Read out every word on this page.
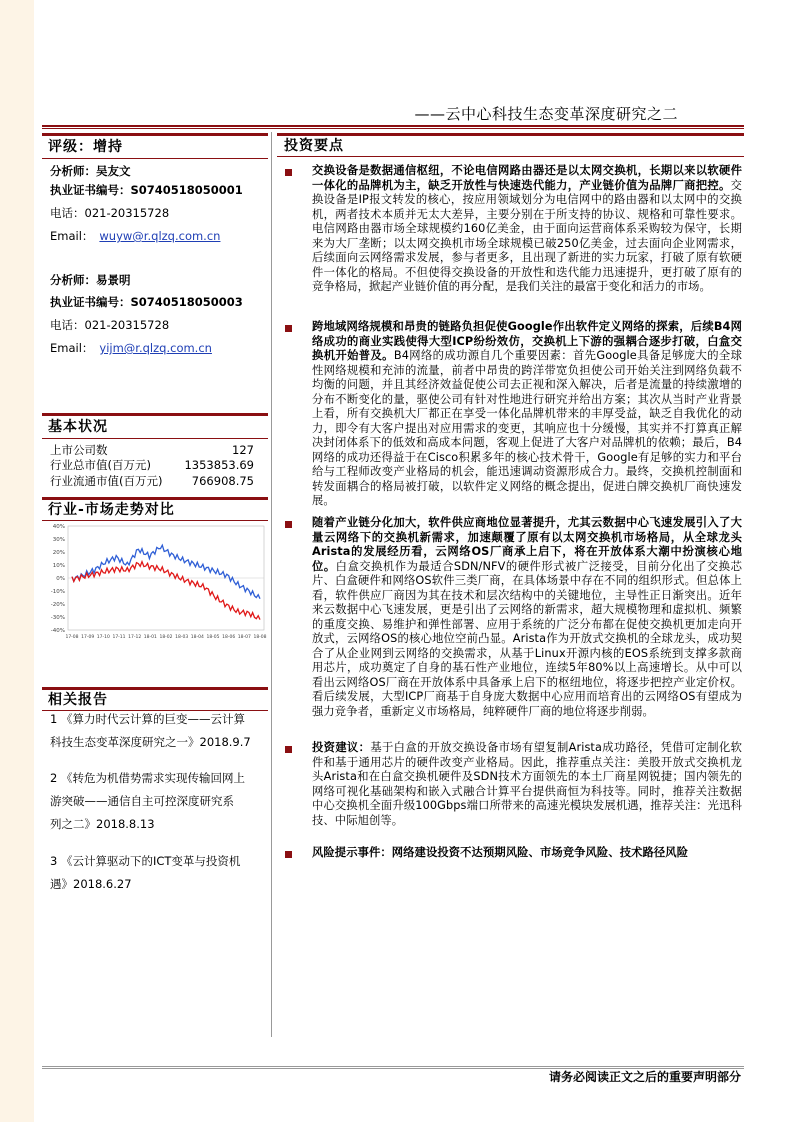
——云中心科技生态变革深度研究之二
评级：增持
分析师：吴友文
执业证书编号：S0740518050001
电话：021-20315728
Email： wuyw@r.qlzq.com.cn
分析师：易景明
执业证书编号：S0740518050003
电话：021-20315728
Email： yijm@r.qlzq.com.cn
基本状况
上市公司数	127
行业总市值(百万元)	1353853.69
行业流通市值(百万元)	766908.75
行业-市场走势对比
40%
30%
20%
10%
0%
-10%
-20%
-30%
-40%
17-08 17-09 17-10 17-11 17-12 18-01 18-02 18-03 18-04 18-05 18-06 18-07 18-08
相关报告
1 《算力时代云计算的巨变——云计算
科技生态变革深度研究之一》2018.9.7
2 《转危为机借势需求实现传输回网上
游突破——通信自主可控深度研究系
列之二》2018.8.13
3 《云计算驱动下的ICT变革与投资机
遇》2018.6.27
投资要点
交换设备是数据通信枢纽，不论电信网路由器还是以太网交换机，长期以来以软硬件一体化的品牌机为主，缺乏开放性与快速迭代能力，产业链价值为品牌厂商把控。交换设备是IP报文转发的核心，按应用领域划分为电信网中的路由器和以太网中的交换机，两者技术本质并无太大差异，主要分别在于所支持的协议、规格和可靠性要求。电信网路由器市场全球规模约160亿美金，由于面向运营商体系采购较为保守，长期来为大厂垄断；以太网交换机市场全球规模已破250亿美金，过去面向企业网需求，后续面向云网络需求发展，参与者更多，且出现了新进的实力玩家，打破了原有软硬件一体化的格局。不但使得交换设备的开放性和迭代能力迅速提升，更打破了原有的竞争格局，掀起产业链价值的再分配，是我们关注的最富于变化和活力的市场。
跨地域网络规模和昂贵的链路负担促使Google作出软件定义网络的探索，后续B4网络成功的商业实践使得大型ICP纷纷效仿，交换机上下游的强耦合逐步打破，白盒交换机开始普及。B4网络的成功源自几个重要因素：首先Google具备足够庞大的全球性网络规模和充沛的流量，前者中昂贵的跨洋带宽负担使公司开始关注到网络负载不均衡的问题，并且其经济效益促使公司去正视和深入解决，后者是流量的持续激增的分布不断变化的量，驱使公司有针对性地进行研究并给出方案；其次从当时产业背景上看，所有交换机大厂都正在享受一体化品牌机带来的丰厚受益，缺乏自我优化的动力，即令有大客户提出对应用需求的变更，其响应也十分缓慢，其实并不打算真正解决封闭体系下的低效和高成本问题，客观上促进了大客户对品牌机的依赖；最后，B4网络的成功还得益于在Cisco积累多年的核心技术骨干，Google有足够的实力和平台给与工程师改变产业格局的机会，能迅速调动资源形成合力。最终，交换机控制面和转发面耦合的格局被打破，以软件定义网络的概念提出，促进白牌交换机厂商快速发展。
随着产业链分化加大，软件供应商地位显著提升，尤其云数据中心飞速发展引入了大量云网络下的交换机新需求，加速颠覆了原有以太网交换机市场格局，从全球龙头Arista的发展经历看，云网络OS厂商承上启下，将在开放体系大潮中扮演核心地位。白盒交换机作为最适合SDN/NFV的硬件形式被广泛接受，目前分化出了交换芯片、白盒硬件和网络OS软件三类厂商，在具体场景中存在不同的组织形式。但总体上看，软件供应厂商因为其在技术和层次结构中的关键地位，主导性正日渐突出。近年来云数据中心飞速发展，更是引出了云网络的新需求，超大规模物理和虚拟机、频繁的重度交换、易维护和弹性部署、应用于系统的广泛分布都在促使交换机更加走向开放式，云网络OS的核心地位空前凸显。Arista作为开放式交换机的全球龙头，成功契合了从企业网到云网络的交换需求，从基于Linux开源内核的EOS系统到支撑多款商用芯片，成功奠定了自身的基石性产业地位，连续5年80%以上高速增长。从中可以看出云网络OS厂商在开放体系中具备承上启下的枢纽地位，将逐步把控产业定价权。看后续发展，大型ICP厂商基于自身庞大数据中心应用而培育出的云网络OS有望成为强力竞争者，重新定义市场格局，纯粹硬件厂商的地位将逐步削弱。
投资建议：基于白盒的开放交换设备市场有望复制Arista成功路径，凭借可定制化软件和基于通用芯片的硬件改变产业格局。因此，推荐重点关注：美股开放式交换机龙头Arista和在白盒交换机硬件及SDN技术方面领先的本土厂商星网锐捷；国内领先的网络可视化基础架构和嵌入式融合计算平台提供商恒为科技等。同时，推荐关注数据中心交换机全面升级100Gbps端口所带来的高速光模块发展机遇，推荐关注：光迅科技、中际旭创等。
风险提示事件：网络建设投资不达预期风险、市场竞争风险、技术路径风险
请务必阅读正文之后的重要声明部分
